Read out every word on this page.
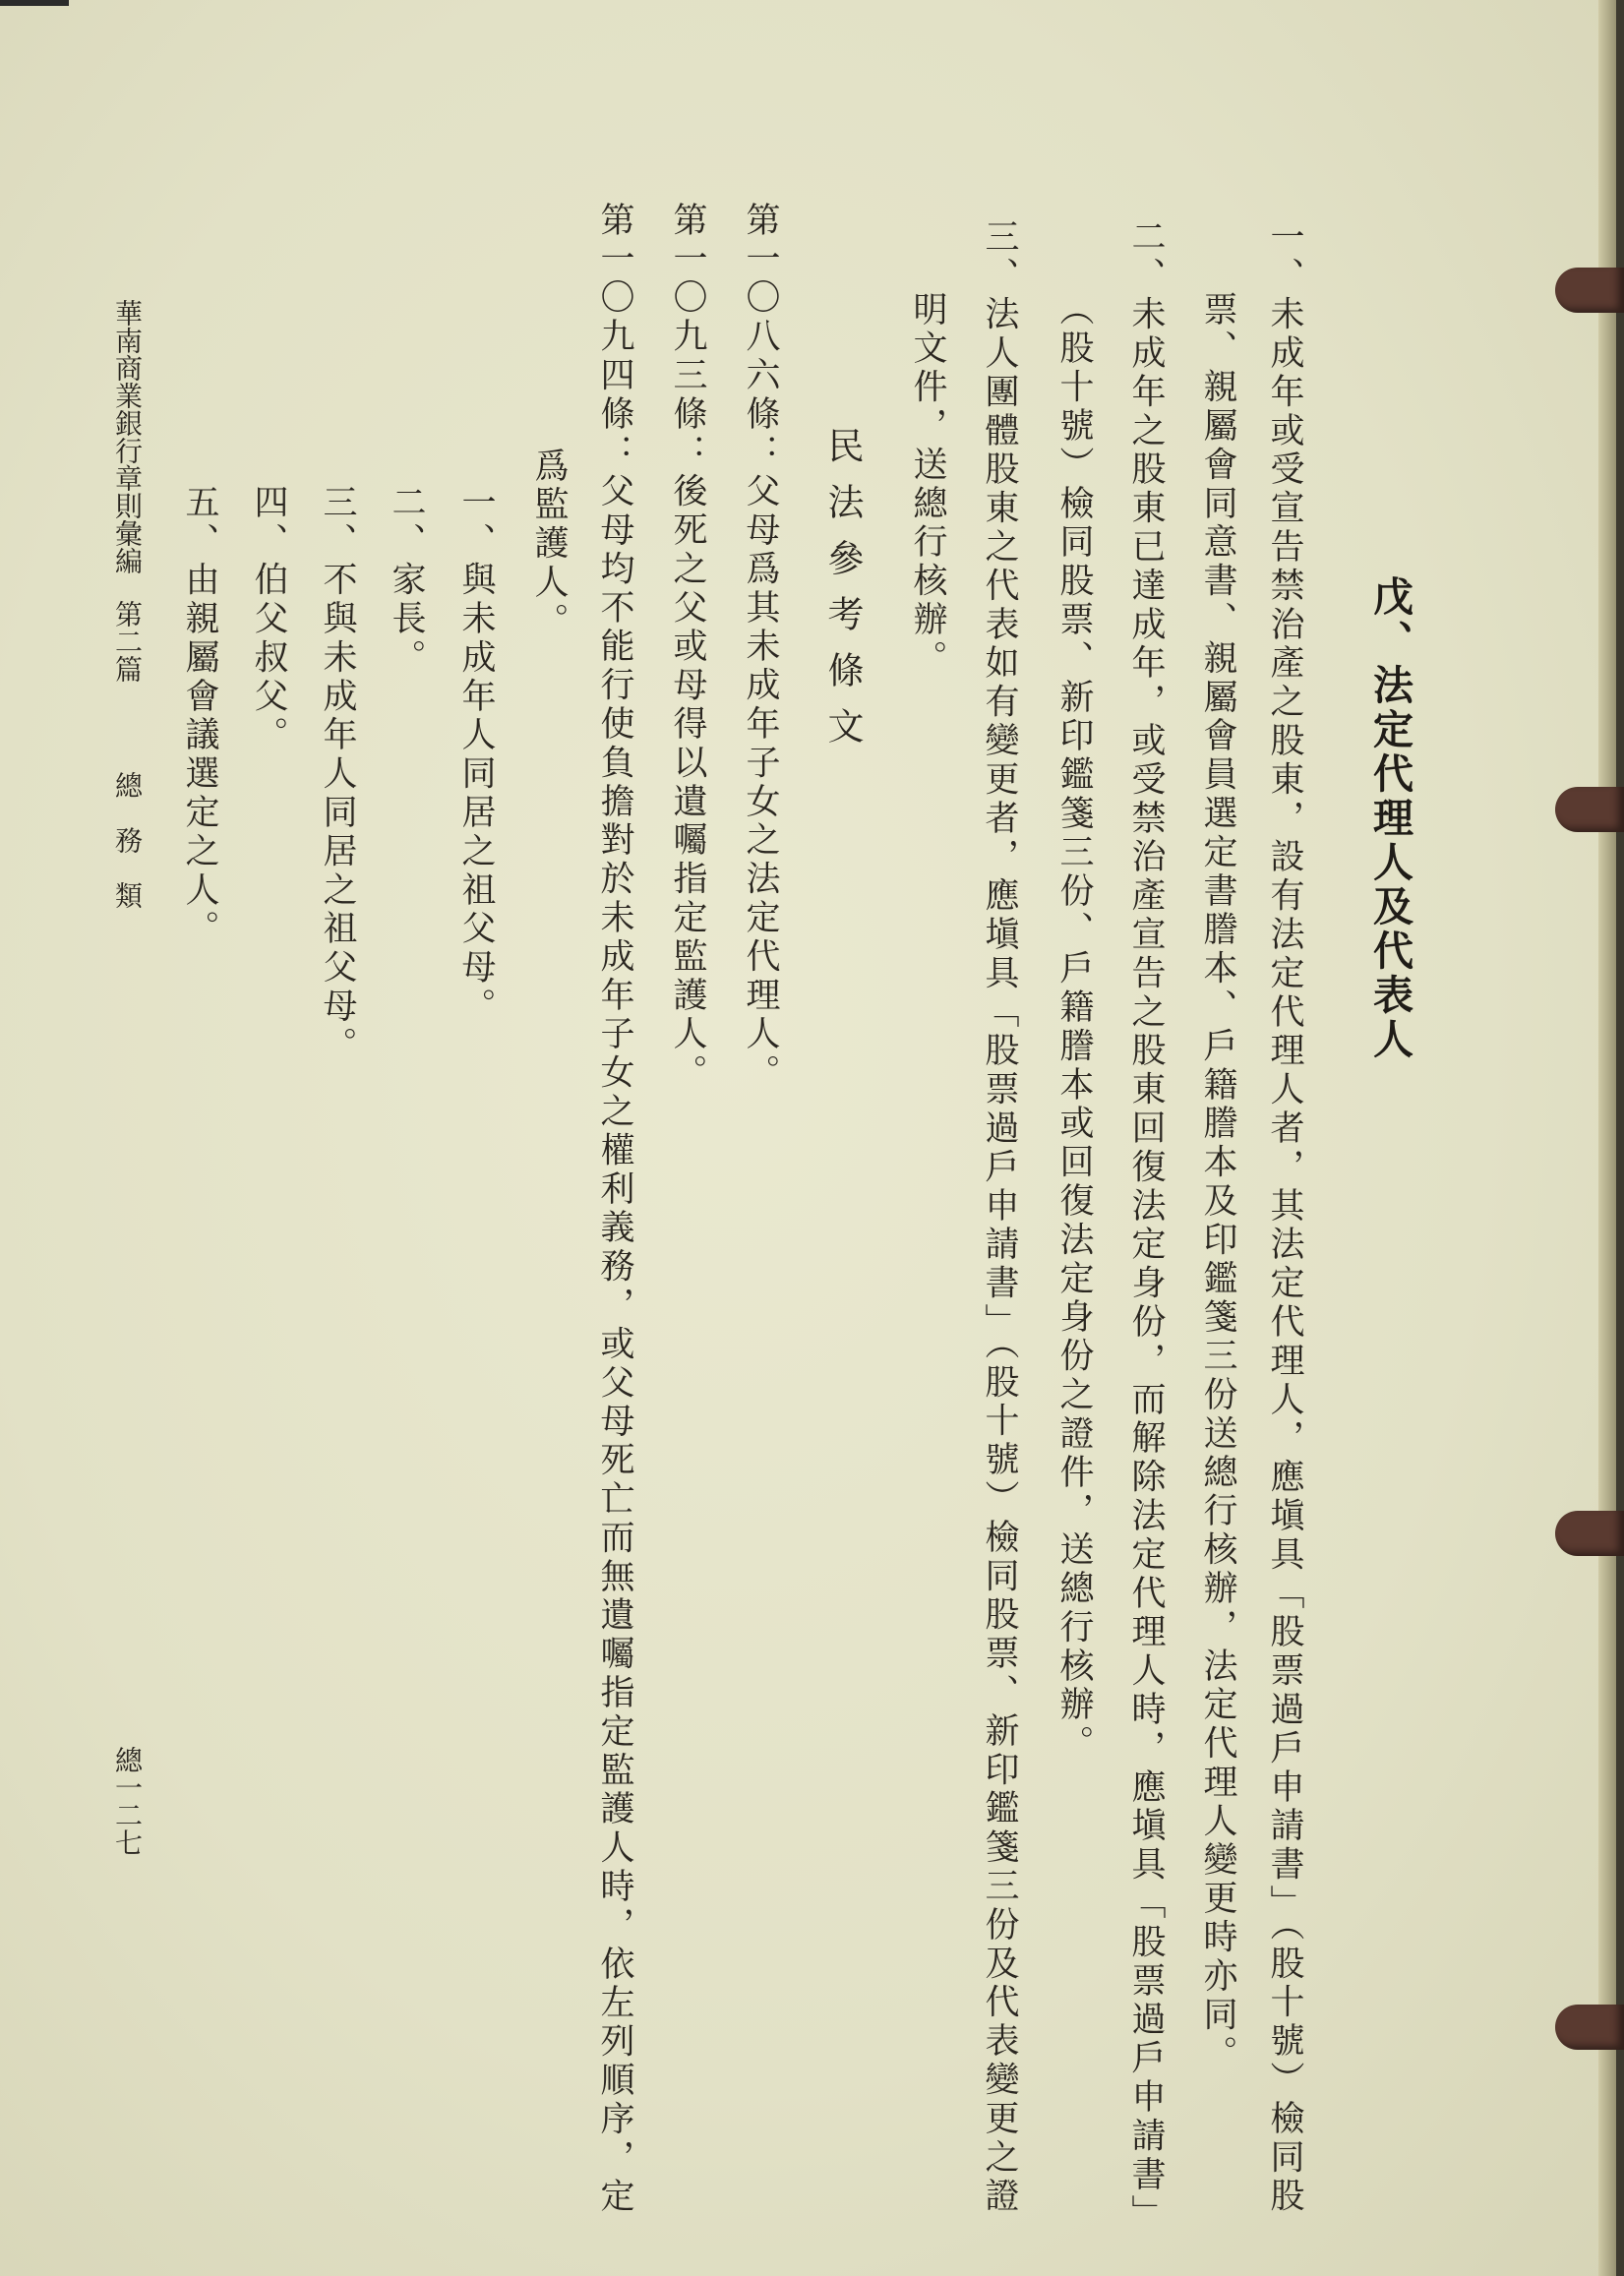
戊、法定代理人及代表人
一、未成年或受宣告禁治產之股東，設有法定代理人者，其法定代理人，應塡具「股票過戶申請書」（股十號）檢同股
票、親屬會同意書、親屬會員選定書謄本、戶籍謄本及印鑑箋三份送總行核辦，法定代理人變更時亦同。
二、未成年之股東已達成年，或受禁治產宣告之股東回復法定身份，而解除法定代理人時，應塡具「股票過戶申請書」
（股十號）檢同股票、新印鑑箋三份、戶籍謄本或回復法定身份之證件，送總行核辦。
三、法人團體股東之代表如有變更者，應塡具「股票過戶申請書」（股十號）檢同股票、新印鑑箋三份及代表變更之證
明文件，送總行核辦。
民法參考條文
第一〇八六條：父母爲其未成年子女之法定代理人。
第一〇九三條：後死之父或母得以遺囑指定監護人。
第一〇九四條：父母均不能行使負擔對於未成年子女之權利義務，或父母死亡而無遺囑指定監護人時，依左列順序，定
爲監護人。
一、與未成年人同居之祖父母。
二、家長。
三、不與未成年人同居之祖父母。
四、伯父叔父。
五、由親屬會議選定之人。
華南商業銀行章則彙編第二篇總　務　類
總一二七
